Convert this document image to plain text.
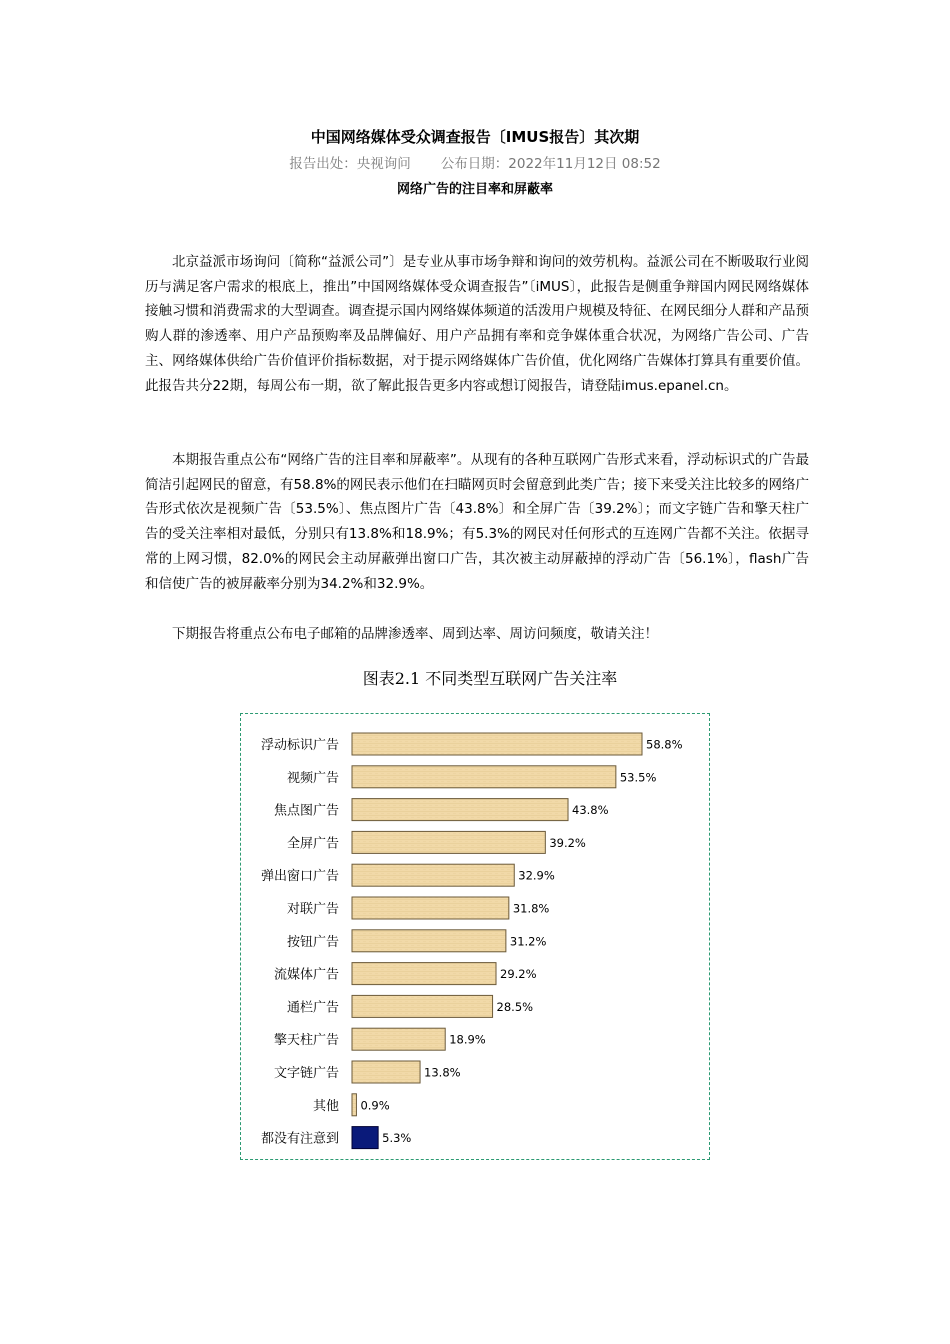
中国网络媒体受众调查报告〔IMUS报告〕其次期
报告出处：央视询问 公布日期：2022年11月12日 08:52
网络广告的注目率和屏蔽率

北京益派市场询问〔简称“益派公司”〕是专业从事市场争辩和询问的效劳机构。益派公司在不断吸取行业阅历与满足客户需求的根底上，推出”中国网络媒体受众调查报告”〔iMUS〕，此报告是侧重争辩国内网民网络媒体接触习惯和消费需求的大型调查。调查提示国内网络媒体频道的活泼用户规模及特征、在网民细分人群和产品预购人群的渗透率、用户产品预购率及品牌偏好、用户产品拥有率和竞争媒体重合状况，为网络广告公司、广告主、网络媒体供给广告价值评价指标数据，对于提示网络媒体广告价值，优化网络广告媒体打算具有重要价值。此报告共分22期，每周公布一期，欲了解此报告更多内容或想订阅报告，请登陆imus.epanel.cn。

本期报告重点公布“网络广告的注目率和屏蔽率”。从现有的各种互联网广告形式来看，浮动标识式的广告最简洁引起网民的留意，有58.8%的网民表示他们在扫瞄网页时会留意到此类广告；接下来受关注比较多的网络广告形式依次是视频广告〔53.5%〕、焦点图片广告〔43.8%〕和全屏广告〔39.2%〕；而文字链广告和擎天柱广告的受关注率相对最低，分别只有13.8%和18.9%；有5.3%的网民对任何形式的互连网广告都不关注。依据寻常的上网习惯，82.0%的网民会主动屏蔽弹出窗口广告，其次被主动屏蔽掉的浮动广告〔56.1%〕，flash广告和信使广告的被屏蔽率分别为34.2%和32.9%。

下期报告将重点公布电子邮箱的品牌渗透率、周到达率、周访问频度，敬请关注！

图表2.1 不同类型互联网广告关注率
浮动标识广告	58.8%
视频广告	53.5%
焦点图广告	43.8%
全屏广告	39.2%
弹出窗口广告	32.9%
对联广告	31.8%
按钮广告	31.2%
流媒体广告	29.2%
通栏广告	28.5%
擎天柱广告	18.9%
文字链广告	13.8%
其他 0.9%
都没有注意到	5.3%
